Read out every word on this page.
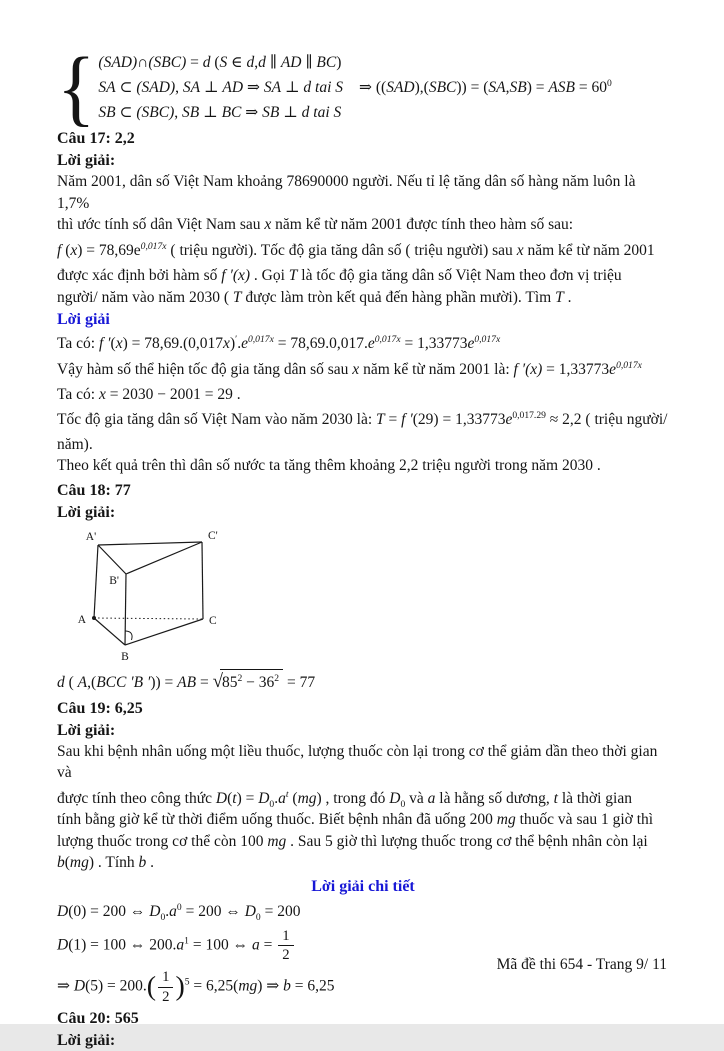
{ (SAD)∩(SBC) = d (S ∈ d,d ∥ AD ∥ BC)
SA ⊂ (SAD), SA ⊥ AD ⇒ SA ⊥ d tai S
SB ⊂ (SBC), SB ⊥ BC ⇒ SB ⊥ d tai S
⇒ ((SAD),(SBC)) = (SA,SB) = ASB = $60^0$
Câu 17: 2,2
Lời giải:
Năm 2001, dân số Việt Nam khoảng 78690000 người. Nếu tỉ lệ tăng dân số hàng năm luôn là 1,7%
thì ước tính số dân Việt Nam sau x năm kể từ năm 2001 được tính theo hàm số sau:
f $(x) = 78,69e^{0,017x}$ ( triệu người). Tốc độ gia tăng dân số ( triệu người) sau x năm kể từ năm 2001
được xác định bởi hàm số f ′(x) . Gọi T là tốc độ gia tăng dân số Việt Nam theo đơn vị triệu
người/ năm vào năm 2030 ( T được làm tròn kết quả đến hàng phần mười). Tìm T .
Lời giải
Ta có: f $'(x) = 78,69.(0,017x)'.e^{0,017x} = 78,69.0,017.e^{0,017x} = 1,33773e^{0,017x}$
Vậy hàm số thể hiện tốc độ gia tăng dân số sau x năm kể từ năm 2001 là: f $'(x) = 1,33773e^{0,017x}$
Ta có: x = 2030 − 2001 = 29 .
Tốc độ gia tăng dân số Việt Nam vào năm 2030 là: T = f $'(29) = 1,33773e^{0,017.29} \approx 2,2$ ( triệu người/
năm).
Theo kết quả trên thì dân số nước ta tăng thêm khoảng 2,2 triệu người trong năm 2030 .
Câu 18: 77
Lời giải:
A'	C'
B'
A	C
B
d ( A,(BCC ′B ′)) = AB = $√85^2 - 36^2 = 77$
Câu 19: 6,25
Lời giải:
Sau khi bệnh nhân uống một liều thuốc, lượng thuốc còn lại trong cơ thể giảm dần theo thời gian và
được tính theo công thức $D(t) = D_0.a^t$ (mg) , trong đó $D_0$ và a là hằng số dương, t là thời gian
tính bằng giờ kể từ thời điểm uống thuốc. Biết bệnh nhân đã uống 200 mg thuốc và sau 1 giờ thì
lượng thuốc trong cơ thể còn 100 mg . Sau 5 giờ thì lượng thuốc trong cơ thể bệnh nhân còn lại
b(mg) . Tính b .
Lời giải chi tiết
D(0) = 200 ⇔ $D_0.a^0 = 200$ ⇔ $D_0 = 200$
D(1) = 100 ⇔ $200.a^1 = 100$ ⇔ $a = \frac{1}{2}$
⇒ $D(5) = 200.( \frac{1}{2} )^5 = 6,25(mg)$ ⇒ b = 6,25
Câu 20: 565
Lời giải:
Mã đề thi 654 - Trang 9/ 11
